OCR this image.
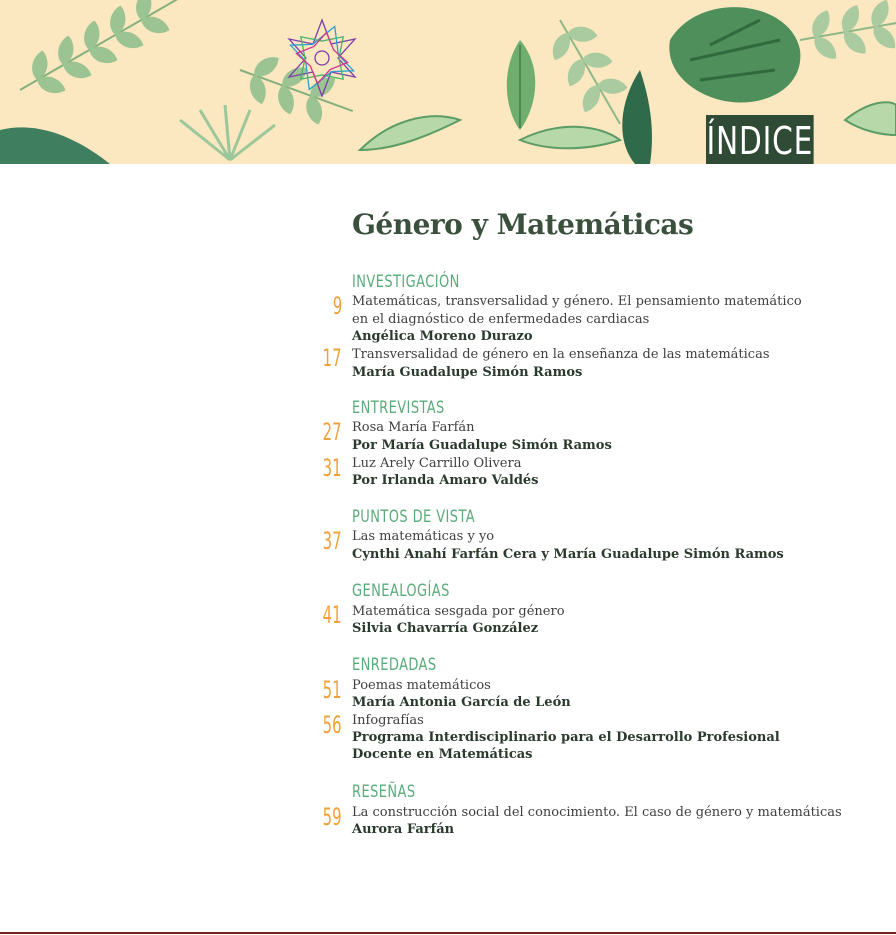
ÍNDICE
Género y Matemáticas
INVESTIGACIÓN
9 Matemáticas, transversalidad y género. El pensamiento matemático
en el diagnóstico de enfermedades cardiacas
Angélica Moreno Durazo
17 Transversalidad de género en la enseñanza de las matemáticas
María Guadalupe Simón Ramos
ENTREVISTAS
27 Rosa María Farfán
Por María Guadalupe Simón Ramos
31 Luz Arely Carrillo Olivera
Por Irlanda Amaro Valdés
PUNTOS DE VISTA
37 Las matemáticas y yo
Cynthi Anahí Farfán Cera y María Guadalupe Simón Ramos
GENEALOGÍAS
41 Matemática sesgada por género
Silvia Chavarría González
ENREDADAS
51 Poemas matemáticos
María Antonia García de León
56 Infografías
Programa Interdisciplinario para el Desarrollo Profesional
Docente en Matemáticas
RESEÑAS
59 La construcción social del conocimiento. El caso de género y matemáticas
Aurora Farfán
